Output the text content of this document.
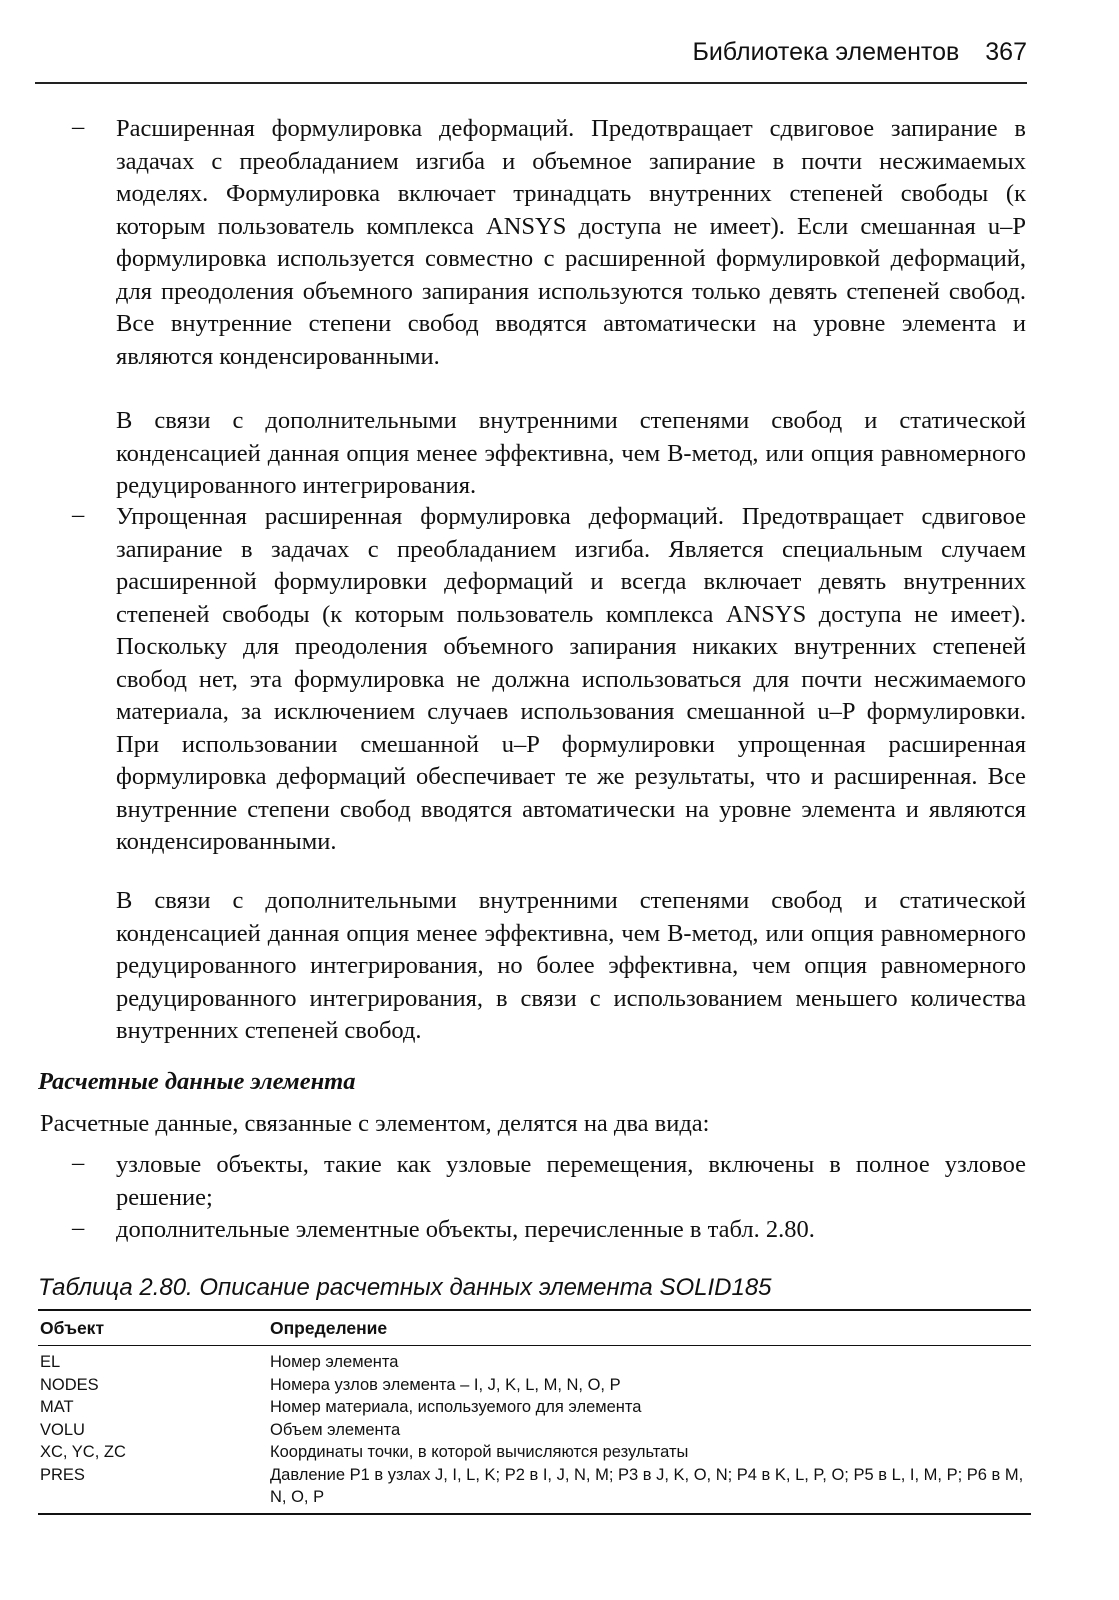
Библиотека элементов 367
– Расширенная формулировка деформаций. Предотвращает сдвиговое запирание в задачах с преобладанием изгиба и объемное запирание в почти несжимаемых моделях. Формулировка включает тринадцать внутренних степеней свободы (к которым пользователь комплекса ANSYS доступа не имеет). Если смешанная u–P формулировка используется совместно с расширенной формулировкой деформаций, для преодоления объемного запирания используются только девять степеней свобод. Все внутренние степени свобод вводятся автоматически на уровне элемента и являются конденсированными.

В связи с дополнительными внутренними степенями свобод и статической конденсацией данная опция менее эффективна, чем B-метод, или опция равномерного редуцированного интегрирования.

– Упрощенная расширенная формулировка деформаций. Предотвращает сдвиговое запирание в задачах с преобладанием изгиба. Является специальным случаем расширенной формулировки деформаций и всегда включает девять внутренних степеней свободы (к которым пользователь комплекса ANSYS доступа не имеет). Поскольку для преодоления объемного запирания никаких внутренних степеней свобод нет, эта формулировка не должна использоваться для почти несжимаемого материала, за исключением случаев использования смешанной u–P формулировки. При использовании смешанной u–P формулировки упрощенная расширенная формулировка деформаций обеспечивает те же результаты, что и расширенная. Все внутренние степени свобод вводятся автоматически на уровне элемента и являются конденсированными.

В связи с дополнительными внутренними степенями свобод и статической конденсацией данная опция менее эффективна, чем B-метод, или опция равномерного редуцированного интегрирования, но более эффективна, чем опция равномерного редуцированного интегрирования, в связи с использованием меньшего количества внутренних степеней свобод.

Расчетные данные элемента

Расчетные данные, связанные с элементом, делятся на два вида:

– узловые объекты, такие как узловые перемещения, включены в полное узловое решение;

– дополнительные элементные объекты, перечисленные в табл. 2.80.

Таблица 2.80. Описание расчетных данных элемента SOLID185
Объект	Определение
EL	Номер элемента
NODES	Номера узлов элемента – I, J, K, L, M, N, O, P
MAT	Номер материала, используемого для элемента
VOLU	Объем элемента
XC, YC, ZC	Координаты точки, в которой вычисляются результаты
PRES	Давление P1 в узлах J, I, L, K; P2 в I, J, N, M; P3 в J, K, O, N; P4 в K, L, P, O; P5 в L, I, M, P; P6 в M, N, O, P
